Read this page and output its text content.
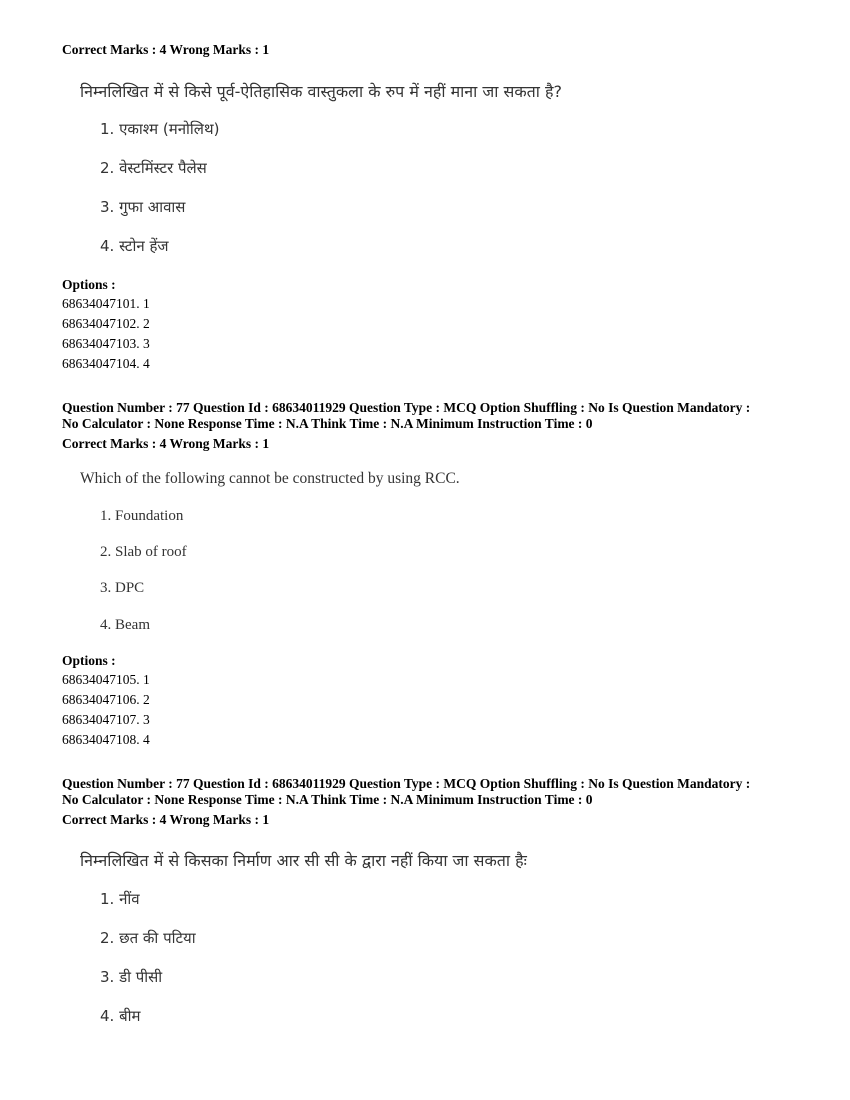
Correct Marks : 4 Wrong Marks : 1
निम्नलिखित में से किसे पूर्व-ऐतिहासिक वास्तुकला के रुप में नहीं माना जा सकता है?
1. एकाश्म (मनोलिथ)
2. वेस्टमिंस्टर पैलेस
3. गुफा आवास
4. स्टोन हेंज
Options :
68634047101. 1
68634047102. 2
68634047103. 3
68634047104. 4
Question Number : 77 Question Id : 68634011929 Question Type : MCQ Option Shuffling : No Is Question Mandatory :
No Calculator : None Response Time : N.A Think Time : N.A Minimum Instruction Time : 0
Correct Marks : 4 Wrong Marks : 1
Which of the following cannot be constructed by using RCC.
1. Foundation
2. Slab of roof
3. DPC
4. Beam
Options :
68634047105. 1
68634047106. 2
68634047107. 3
68634047108. 4
Question Number : 77 Question Id : 68634011929 Question Type : MCQ Option Shuffling : No Is Question Mandatory :
No Calculator : None Response Time : N.A Think Time : N.A Minimum Instruction Time : 0
Correct Marks : 4 Wrong Marks : 1
निम्नलिखित में से किसका निर्माण आर सी सी के द्वारा नहीं किया जा सकता हैः
1. नींव
2. छत की पटिया
3. डी पीसी
4. बीम
